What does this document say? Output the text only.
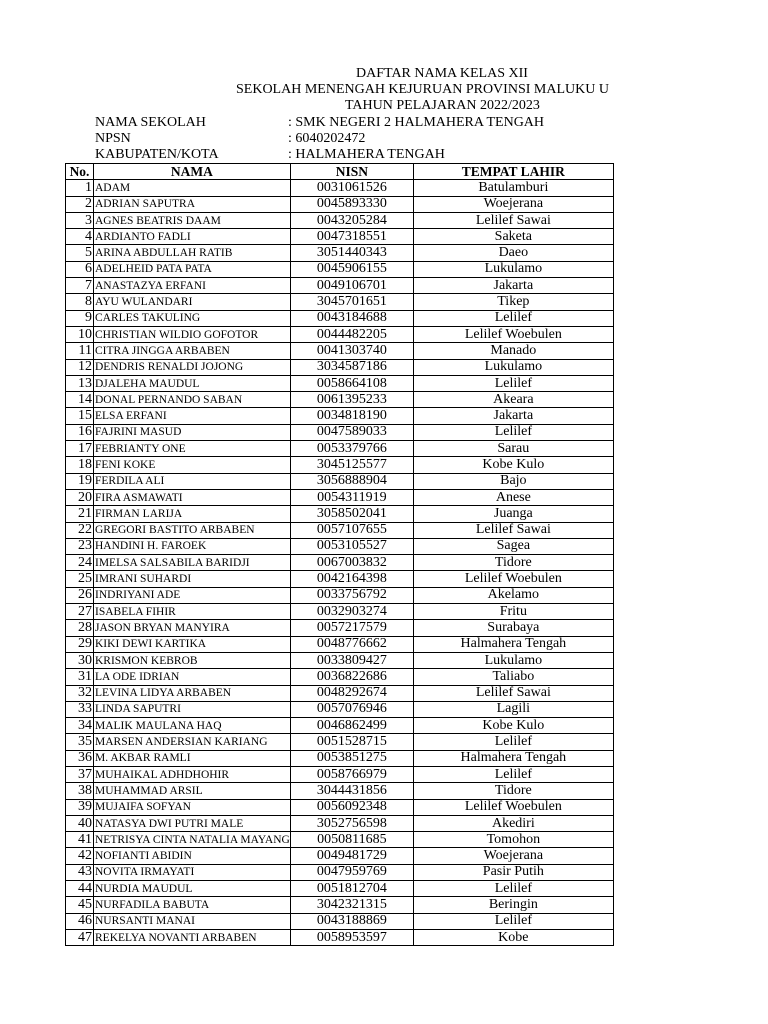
DAFTAR NAMA KELAS XII
SEKOLAH MENENGAH KEJURUAN PROVINSI MALUKU U
TAHUN PELAJARAN 2022/2023
NAMA SEKOLAH	: SMK NEGERI 2 HALMAHERA TENGAH
NPSN	: 6040202472
KABUPATEN/KOTA	: HALMAHERA TENGAH
No.	NAMA	NISN	TEMPAT LAHIR
1	ADAM	0031061526	Batulamburi
2	ADRIAN SAPUTRA	0045893330	Woejerana
3	AGNES BEATRIS DAAM	0043205284	Lelilef Sawai
4	ARDIANTO FADLI	0047318551	Saketa
5	ARINA ABDULLAH RATIB	3051440343	Daeo
6	ADELHEID PATA PATA	0045906155	Lukulamo
7	ANASTAZYA ERFANI	0049106701	Jakarta
8	AYU WULANDARI	3045701651	Tikep
9	CARLES TAKULING	0043184688	Lelilef
10	CHRISTIAN WILDIO GOFOTOR	0044482205	Lelilef Woebulen
11	CITRA JINGGA ARBABEN	0041303740	Manado
12	DENDRIS RENALDI JOJONG	3034587186	Lukulamo
13	DJALEHA MAUDUL	0058664108	Lelilef
14	DONAL PERNANDO SABAN	0061395233	Akeara
15	ELSA ERFANI	0034818190	Jakarta
16	FAJRINI MASUD	0047589033	Lelilef
17	FEBRIANTY ONE	0053379766	Sarau
18	FENI KOKE	3045125577	Kobe Kulo
19	FERDILA ALI	3056888904	Bajo
20	FIRA ASMAWATI	0054311919	Anese
21	FIRMAN LARIJA	3058502041	Juanga
22	GREGORI BASTITO ARBABEN	0057107655	Lelilef Sawai
23	HANDINI H. FAROEK	0053105527	Sagea
24	IMELSA SALSABILA BARIDJI	0067003832	Tidore
25	IMRANI SUHARDI	0042164398	Lelilef Woebulen
26	INDRIYANI ADE	0033756792	Akelamo
27	ISABELA FIHIR	0032903274	Fritu
28	JASON BRYAN MANYIRA	0057217579	Surabaya
29	KIKI DEWI KARTIKA	0048776662	Halmahera Tengah
30	KRISMON KEBROB	0033809427	Lukulamo
31	LA ODE IDRIAN	0036822686	Taliabo
32	LEVINA LIDYA ARBABEN	0048292674	Lelilef Sawai
33	LINDA SAPUTRI	0057076946	Lagili
34	MALIK MAULANA HAQ	0046862499	Kobe Kulo
35	MARSEN ANDERSIAN KARIANG	0051528715	Lelilef
36	M. AKBAR RAMLI	0053851275	Halmahera Tengah
37	MUHAIKAL ADHDHOHIR	0058766979	Lelilef
38	MUHAMMAD ARSIL	3044431856	Tidore
39	MUJAIFA SOFYAN	0056092348	Lelilef Woebulen
40	NATASYA DWI PUTRI MALE	3052756598	Akediri
41	NETRISYA CINTA NATALIA MAYANG	0050811685	Tomohon
42	NOFIANTI ABIDIN	0049481729	Woejerana
43	NOVITA IRMAYATI	0047959769	Pasir Putih
44	NURDIA MAUDUL	0051812704	Lelilef
45	NURFADILA BABUTA	3042321315	Beringin
46	NURSANTI MANAI	0043188869	Lelilef
47	REKELYA NOVANTI ARBABEN	0058953597	Kobe
